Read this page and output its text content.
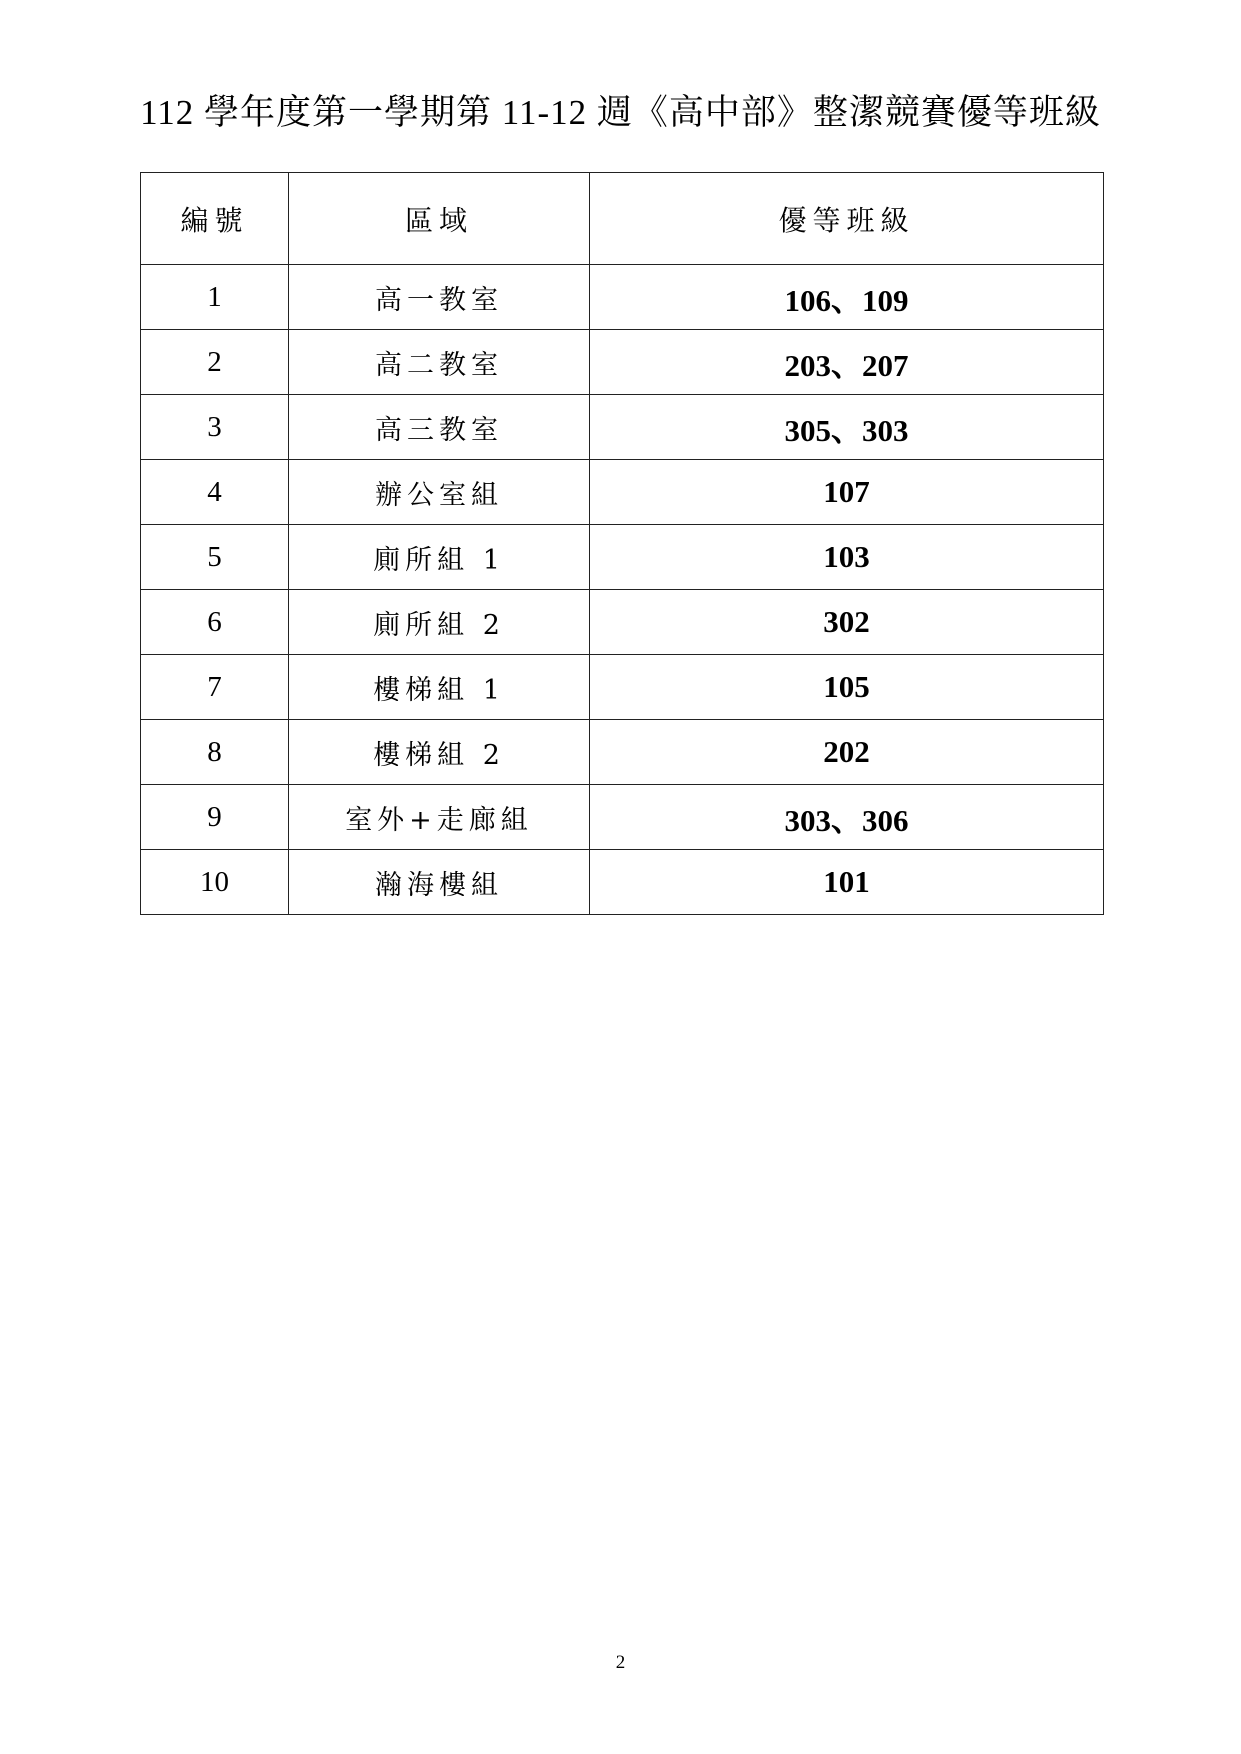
112 學年度第一學期第 11-12 週《高中部》整潔競賽優等班級
編號	區域	優等班級
1	高一教室	106、109
2	高二教室	203、207
3	高三教室	305、303
4	辦公室組	107
5	廁所組 1	103
6	廁所組 2	302
7	樓梯組 1	105
8	樓梯組 2	202
9	室外+走廊組	303、306
10	瀚海樓組	101
2
